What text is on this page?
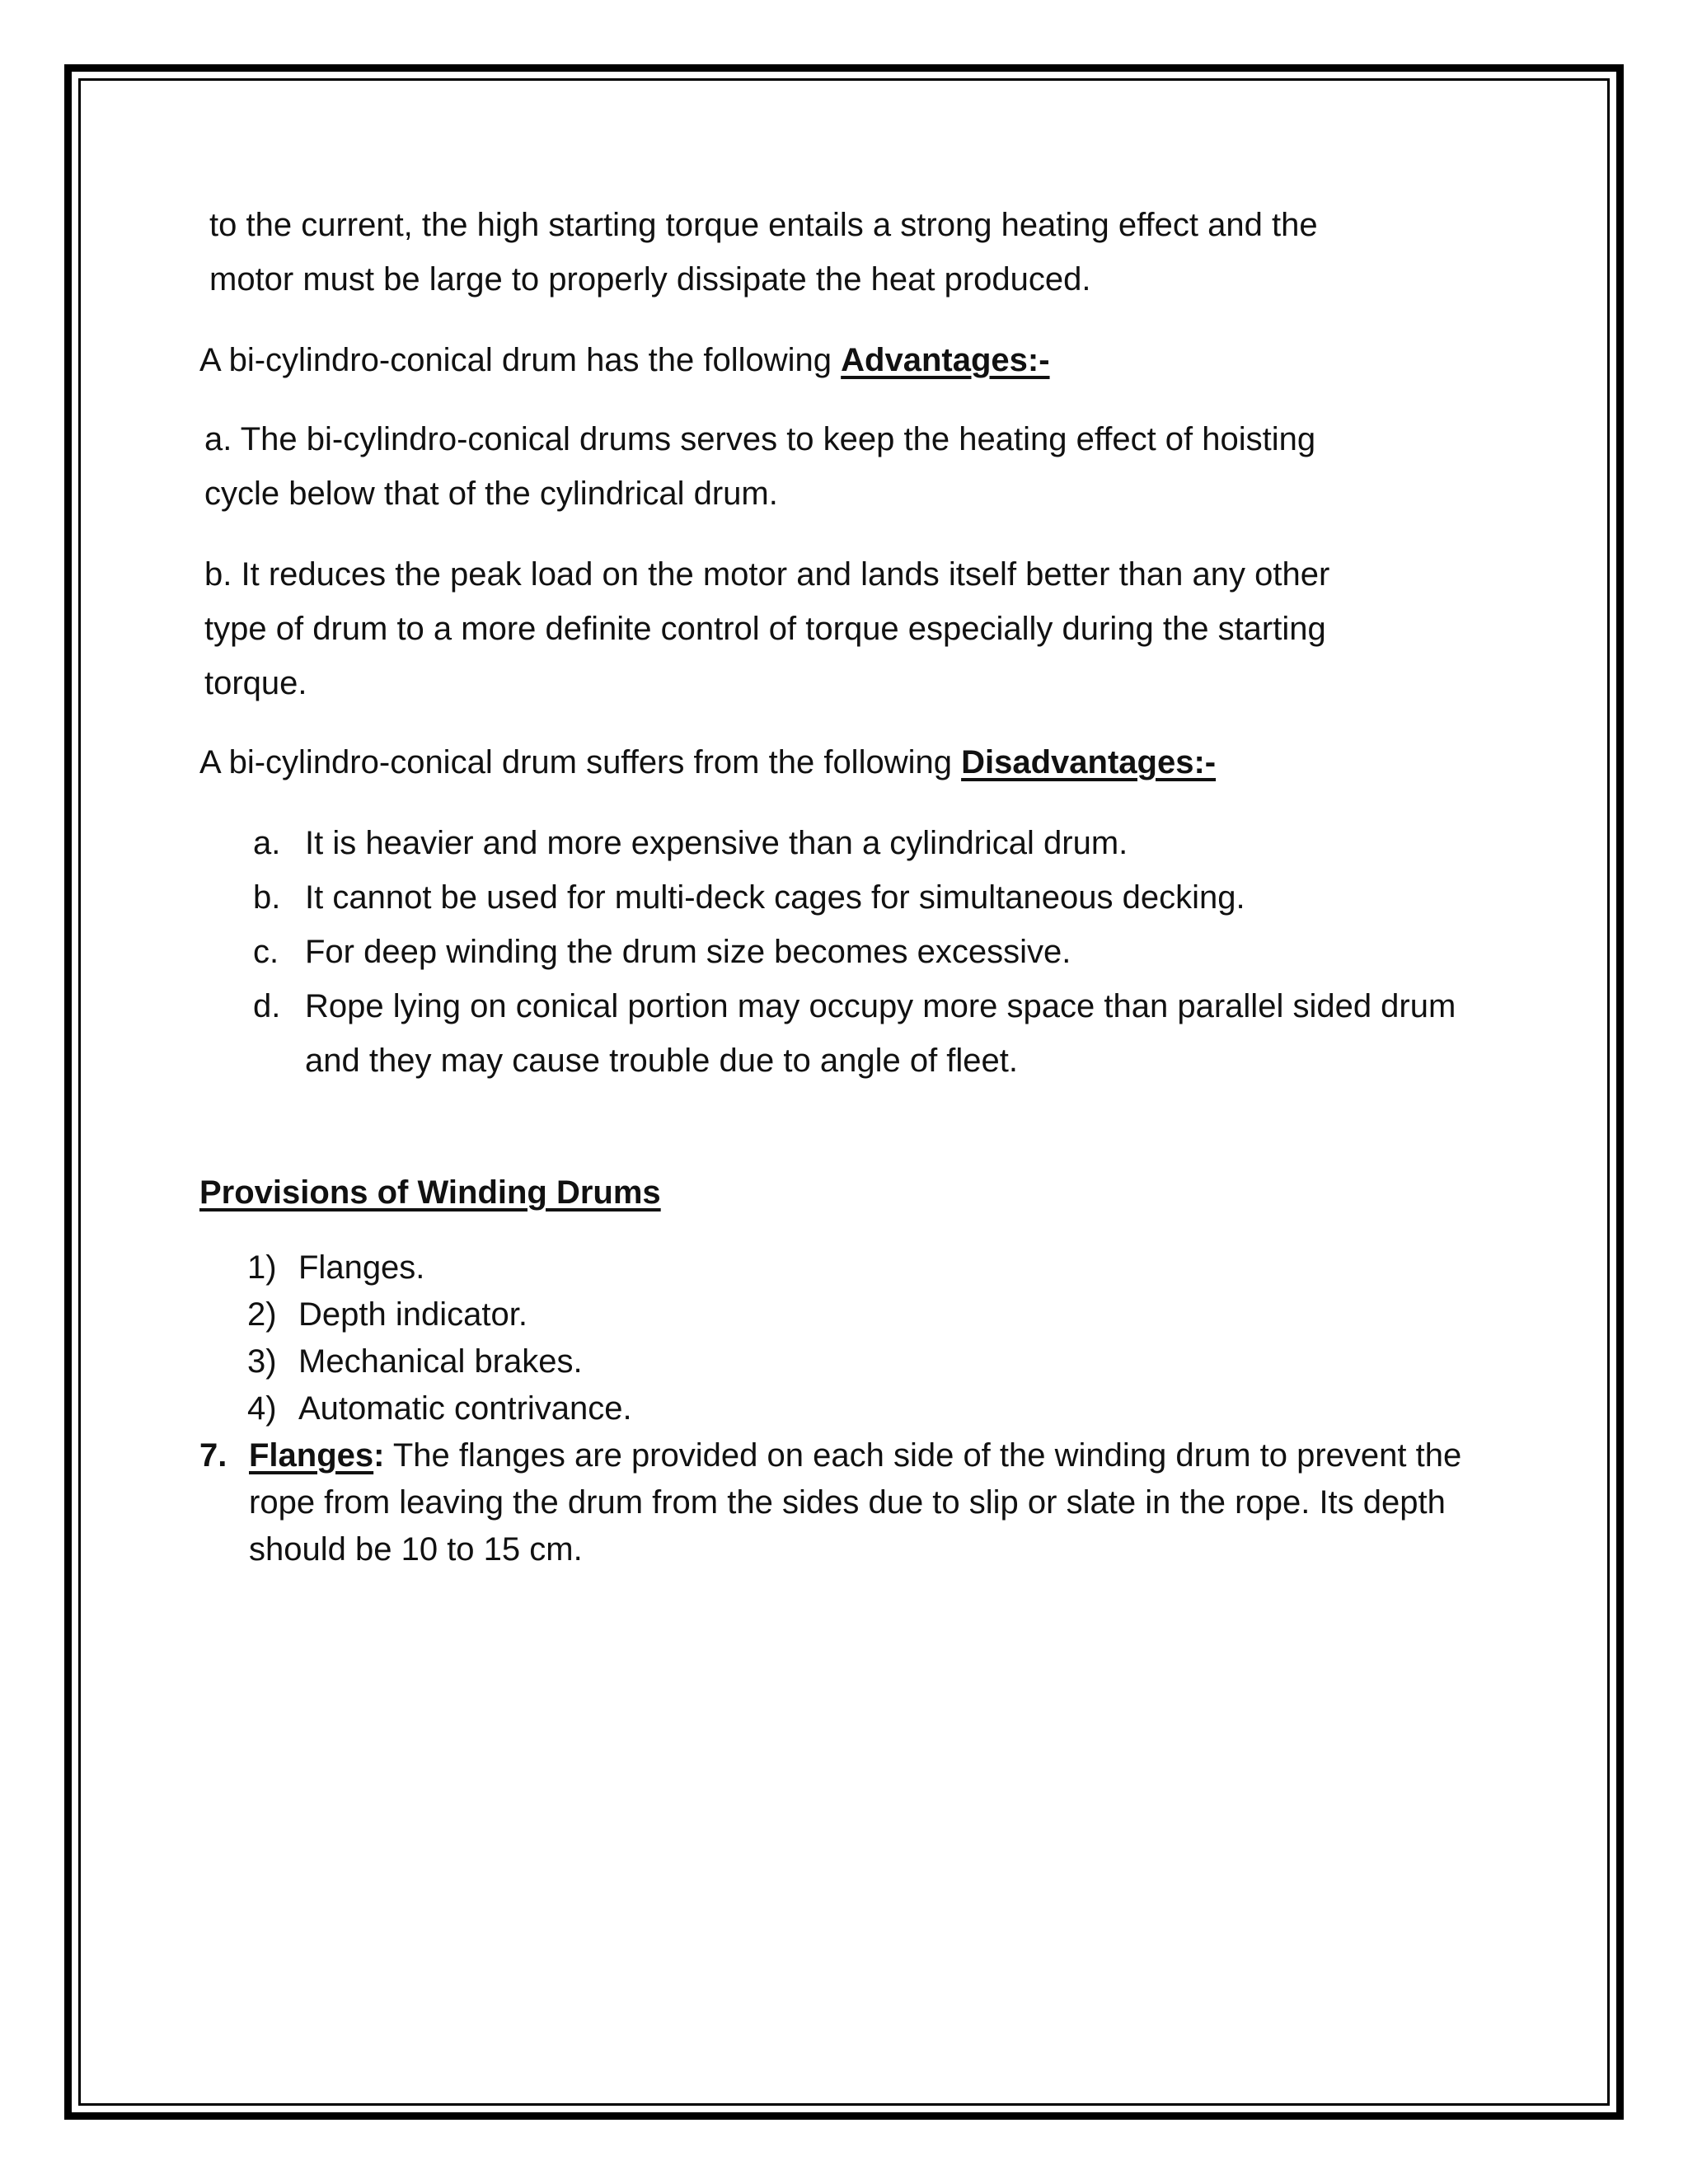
to the current, the high starting torque entails a strong heating effect and the

motor must be large to properly dissipate the heat produced.

A bi-cylindro-conical drum has the following Advantages:-

a. The bi-cylindro-conical drums serves to keep the heating effect of hoisting

cycle below that of the cylindrical drum.

b. It reduces the peak load on the motor and lands itself better than any other

type of drum to a more definite control of torque especially during the starting

torque.

A bi-cylindro-conical drum suffers from the following Disadvantages:-

a. It is heavier and more expensive than a cylindrical drum.
b. It cannot be used for multi-deck cages for simultaneous decking.
c. For deep winding the drum size becomes excessive.
d. Rope lying on conical portion may occupy more space than parallel sided drum and they may cause trouble due to angle of fleet.

Provisions of Winding Drums

1) Flanges.
2) Depth indicator.
3) Mechanical brakes.
4) Automatic contrivance.
7. Flanges: The flanges are provided on each side of the winding drum to prevent the rope from leaving the drum from the sides due to slip or slate in the rope. Its depth should be 10 to 15 cm.
